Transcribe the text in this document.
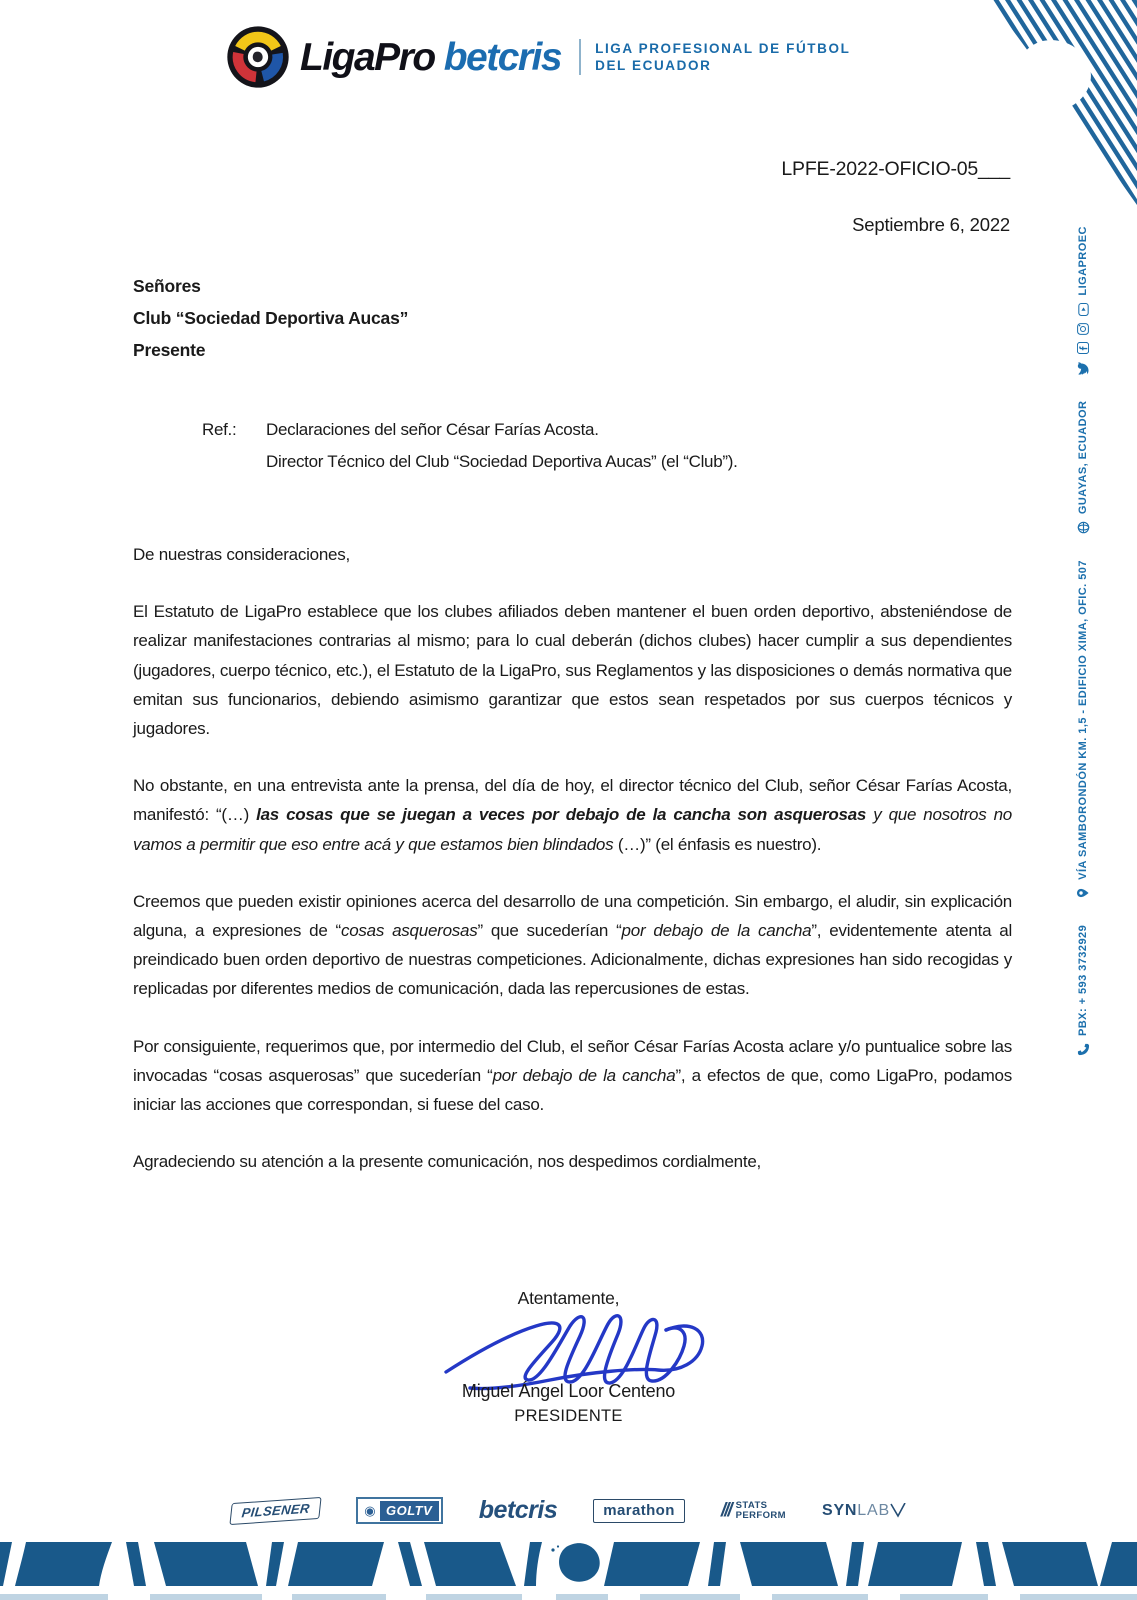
LigaPro betcris	LIGA PROFESIONAL DE FÚTBOL
DEL ECUADOR
LPFE-2022-OFICIO-05___
Septiembre 6, 2022
Señores
Club “Sociedad Deportiva Aucas”
Presente
Ref.:	Declaraciones del señor César Farías Acosta.
Director Técnico del Club “Sociedad Deportiva Aucas” (el “Club”).

De nuestras consideraciones,

El Estatuto de LigaPro establece que los clubes afiliados deben mantener el buen orden deportivo, absteniéndose de realizar manifestaciones contrarias al mismo; para lo cual deberán (dichos clubes) hacer cumplir a sus dependientes (jugadores, cuerpo técnico, etc.), el Estatuto de la LigaPro, sus Reglamentos y las disposiciones o demás normativa que emitan sus funcionarios, debiendo asimismo garantizar que estos sean respetados por sus cuerpos técnicos y jugadores.

No obstante, en una entrevista ante la prensa, del día de hoy, el director técnico del Club, señor César Farías Acosta, manifestó: “(…) las cosas que se juegan a veces por debajo de la cancha son asquerosas y que nosotros no vamos a permitir que eso entre acá y que estamos bien blindados (…)” (el énfasis es nuestro).

Creemos que pueden existir opiniones acerca del desarrollo de una competición. Sin embargo, el aludir, sin explicación alguna, a expresiones de “cosas asquerosas” que sucederían “por debajo de la cancha”, evidentemente atenta al preindicado buen orden deportivo de nuestras competiciones. Adicionalmente, dichas expresiones han sido recogidas y replicadas por diferentes medios de comunicación, dada las repercusiones de estas.

Por consiguiente, requerimos que, por intermedio del Club, el señor César Farías Acosta aclare y/o puntualice sobre las invocadas “cosas asquerosas” que sucederían “por debajo de la cancha”, a efectos de que, como LigaPro, podamos iniciar las acciones que correspondan, si fuese del caso.

Agradeciendo su atención a la presente comunicación, nos despedimos cordialmente,

Atentamente,
Miguel Ángel Loor Centeno
PRESIDENTE
PBX: + 593 3732929
VÍA SAMBORONDÓN KM. 1,5 - EDIFICIO XIMA, OFIC. 507
GUAYAS, ECUADOR
LIGAPROEC
PILSENER	◉ GOLTV betcris	marathon	/// STATS
PERFORM SYN LAB
